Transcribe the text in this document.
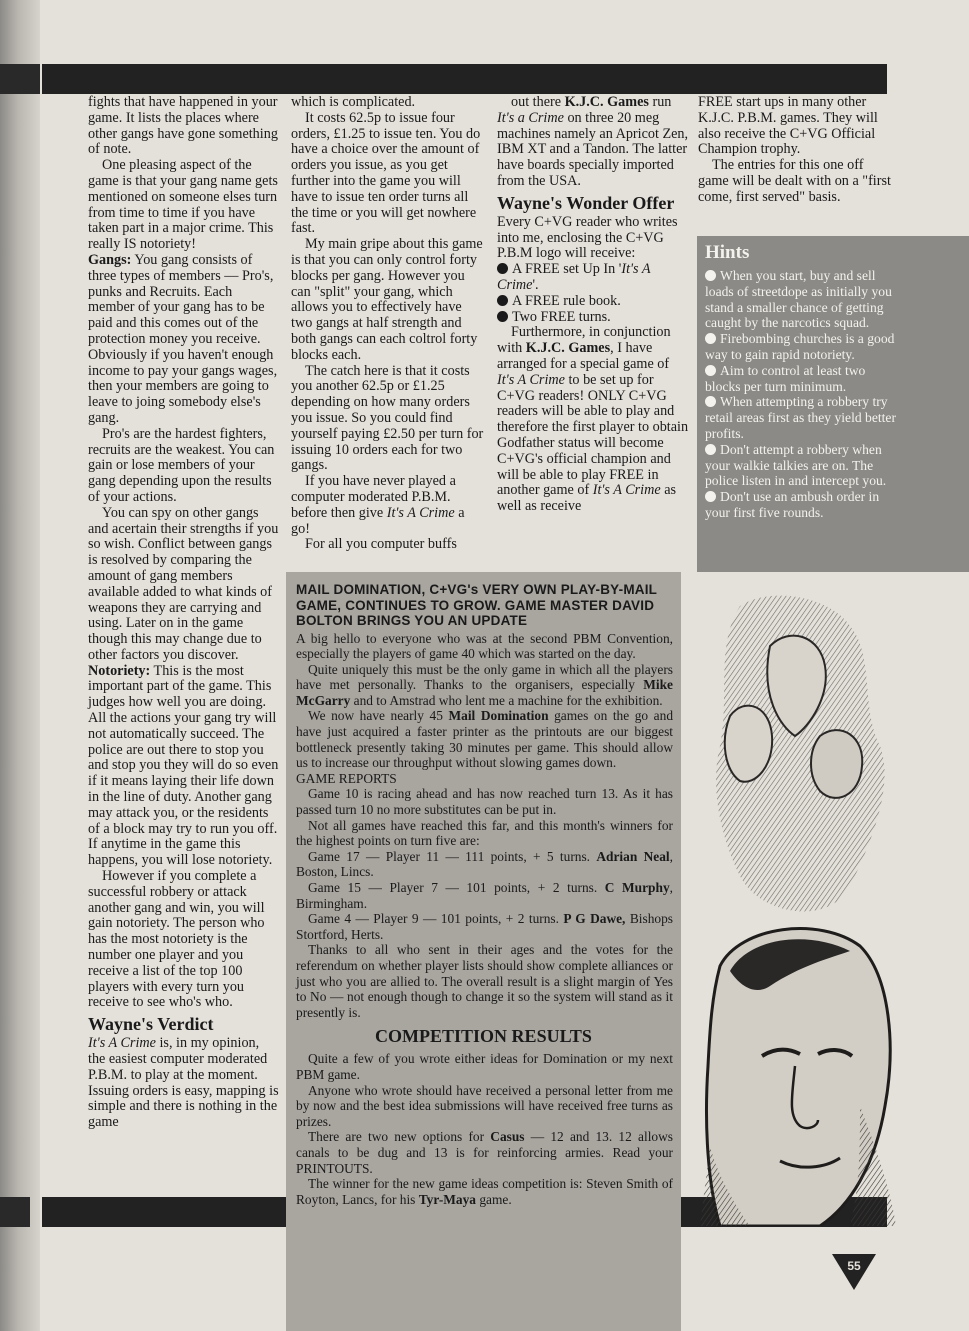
fights that have happened in your game. It lists the places where other gangs have gone something of note.

One pleasing aspect of the game is that your gang name gets mentioned on someone elses turn from time to time if you have taken part in a major crime. This really IS notoriety!

Gangs: You gang consists of three types of members — Pro's, punks and Recruits. Each member of your gang has to be paid and this comes out of the protection money you receive. Obviously if you haven't enough income to pay your gangs wages, then your members are going to leave to joing somebody else's gang.

Pro's are the hardest fighters, recruits are the weakest. You can gain or lose members of your gang depending upon the results of your actions.

You can spy on other gangs and acertain their strengths if you so wish. Conflict between gangs is resolved by comparing the amount of gang members available added to what kinds of weapons they are carrying and using. Later on in the game though this may change due to other factors you discover.

Notoriety: This is the most important part of the game. This judges how well you are doing. All the actions your gang try will not automatically succeed. The police are out there to stop you and stop you they will do so even if it means laying their life down in the line of duty. Another gang may attack you, or the residents of a block may try to run you off. If anytime in the game this happens, you will lose notoriety.

However if you complete a successful robbery or attack another gang and win, you will gain notoriety. The person who has the most notoriety is the number one player and you receive a list of the top 100 players with every turn you receive to see who's who.

Wayne's Verdict

It's A Crime is, in my opinion, the easiest computer moderated P.B.M. to play at the moment. Issuing orders is easy, mapping is simple and there is nothing in the game

which is complicated.

It costs 62.5p to issue four orders, £1.25 to issue ten. You do have a choice over the amount of orders you issue, as you get further into the game you will have to issue ten order turns all the time or you will get nowhere fast.

My main gripe about this game is that you can only control forty blocks per gang. However you can "split" your gang, which allows you to effectively have two gangs at half strength and both gangs can each coltrol forty blocks each.

The catch here is that it costs you another 62.5p or £1.25 depending on how many orders you issue. So you could find yourself paying £2.50 per turn for issuing 10 orders each for two gangs.

If you have never played a computer moderated P.B.M. before then give It's A Crime a go!

For all you computer buffs

out there K.J.C. Games run It's a Crime on three 20 meg machines namely an Apricot Zen, IBM XT and a Tandon. The latter have boards specially imported from the USA.

Wayne's Wonder Offer

Every C+VG reader who writes into me, enclosing the C+VG P.B.M logo will receive:

A FREE set Up In 'It's A Crime'.

A FREE rule book.

Two FREE turns.

Furthermore, in conjunction with K.J.C. Games, I have arranged for a special game of It's A Crime to be set up for C+VG readers! ONLY C+VG readers will be able to play and therefore the first player to obtain Godfather status will become C+VG's official champion and will be able to play FREE in another game of It's A Crime as well as receive

FREE start ups in many other K.J.C. P.B.M. games. They will also receive the C+VG Official Champion trophy.

The entries for this one off game will be dealt with on a "first come, first served" basis.

Hints

When you start, buy and sell loads of streetdope as initially you stand a smaller chance of getting caught by the narcotics squad.

Firebombing churches is a good way to gain rapid notoriety.

Aim to control at least two blocks per turn minimum.

When attempting a robbery try retail areas first as they yield better profits.

Don't attempt a robbery when your walkie talkies are on. The police listen in and intercept you.

Don't use an ambush order in your first five rounds.

MAIL DOMINATION, C+VG's VERY OWN PLAY-BY-MAIL GAME, CONTINUES TO GROW. GAME MASTER DAVID BOLTON BRINGS YOU AN UPDATE

A big hello to everyone who was at the second PBM Convention, especially the players of game 40 which was started on the day.

Quite uniquely this must be the only game in which all the players have met personally. Thanks to the organisers, especially Mike McGarry and to Amstrad who lent me a machine for the exhibition.

We now have nearly 45 Mail Domination games on the go and have just acquired a faster printer as the printouts are our biggest bottleneck presently taking 30 minutes per game. This should allow us to increase our throughput without slowing games down.

GAME REPORTS

Game 10 is racing ahead and has now reached turn 13. As it has passed turn 10 no more substitutes can be put in.

Not all games have reached this far, and this month's winners for the highest points on turn five are:

Game 17 — Player 11 — 111 points, + 5 turns. Adrian Neal, Boston, Lincs.

Game 15 — Player 7 — 101 points, + 2 turns. C Murphy, Birmingham.

Game 4 — Player 9 — 101 points, + 2 turns. P G Dawe, Bishops Stortford, Herts.

Thanks to all who sent in their ages and the votes for the referendum on whether player lists should show complete alliances or just who you are allied to. The overall result is a slight margin of Yes to No — not enough though to change it so the system will stand as it presently is.

COMPETITION RESULTS

Quite a few of you wrote either ideas for Domination or my next PBM game.

Anyone who wrote should have received a personal letter from me by now and the best idea submissions will have received free turns as prizes.

There are two new options for Casus — 12 and 13. 12 allows canals to be dug and 13 is for reinforcing armies. Read your PRINTOUTS.

The winner for the new game ideas competition is: Steven Smith of Royton, Lancs, for his Tyr-Maya game.

55
